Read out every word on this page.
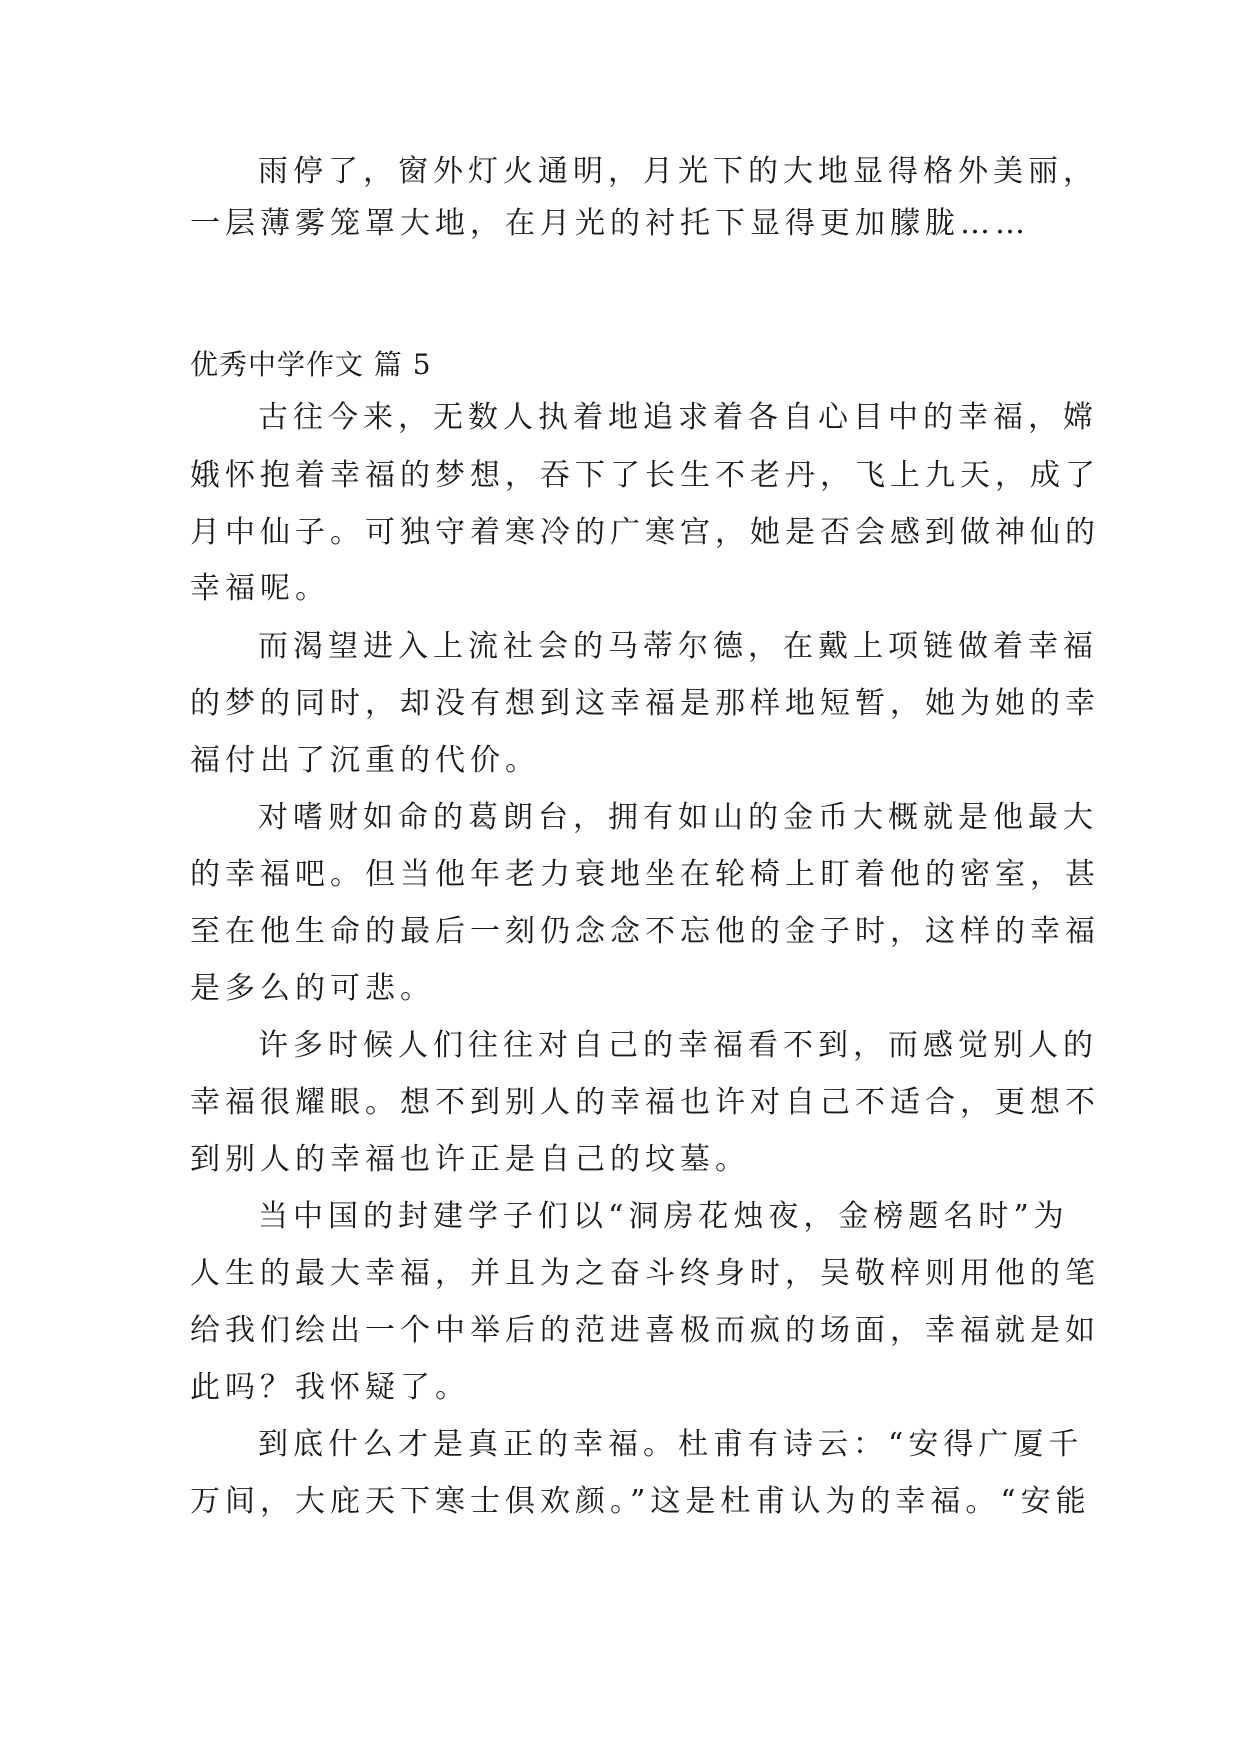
雨停了，窗外灯火通明，月光下的大地显得格外美丽，
一层薄雾笼罩大地，在月光的衬托下显得更加朦胧……
优秀中学作文 篇 5
古往今来，无数人执着地追求着各自心目中的幸福，嫦
娥怀抱着幸福的梦想，吞下了长生不老丹，飞上九天，成了
月中仙子。可独守着寒冷的广寒宫，她是否会感到做神仙的
幸福呢。
而渴望进入上流社会的马蒂尔德，在戴上项链做着幸福
的梦的同时，却没有想到这幸福是那样地短暂，她为她的幸
福付出了沉重的代价。
对嗜财如命的葛朗台，拥有如山的金币大概就是他最大
的幸福吧。但当他年老力衰地坐在轮椅上盯着他的密室，甚
至在他生命的最后一刻仍念念不忘他的金子时，这样的幸福
是多么的可悲。
许多时候人们往往对自己的幸福看不到，而感觉别人的
幸福很耀眼。想不到别人的幸福也许对自己不适合，更想不
到别人的幸福也许正是自己的坟墓。
当中国的封建学子们以“洞房花烛夜，金榜题名时”为
人生的最大幸福，并且为之奋斗终身时，吴敬梓则用他的笔
给我们绘出一个中举后的范进喜极而疯的场面，幸福就是如
此吗？我怀疑了。
到底什么才是真正的幸福。杜甫有诗云：“安得广厦千
万间，大庇天下寒士俱欢颜。”这是杜甫认为的幸福。“安能
